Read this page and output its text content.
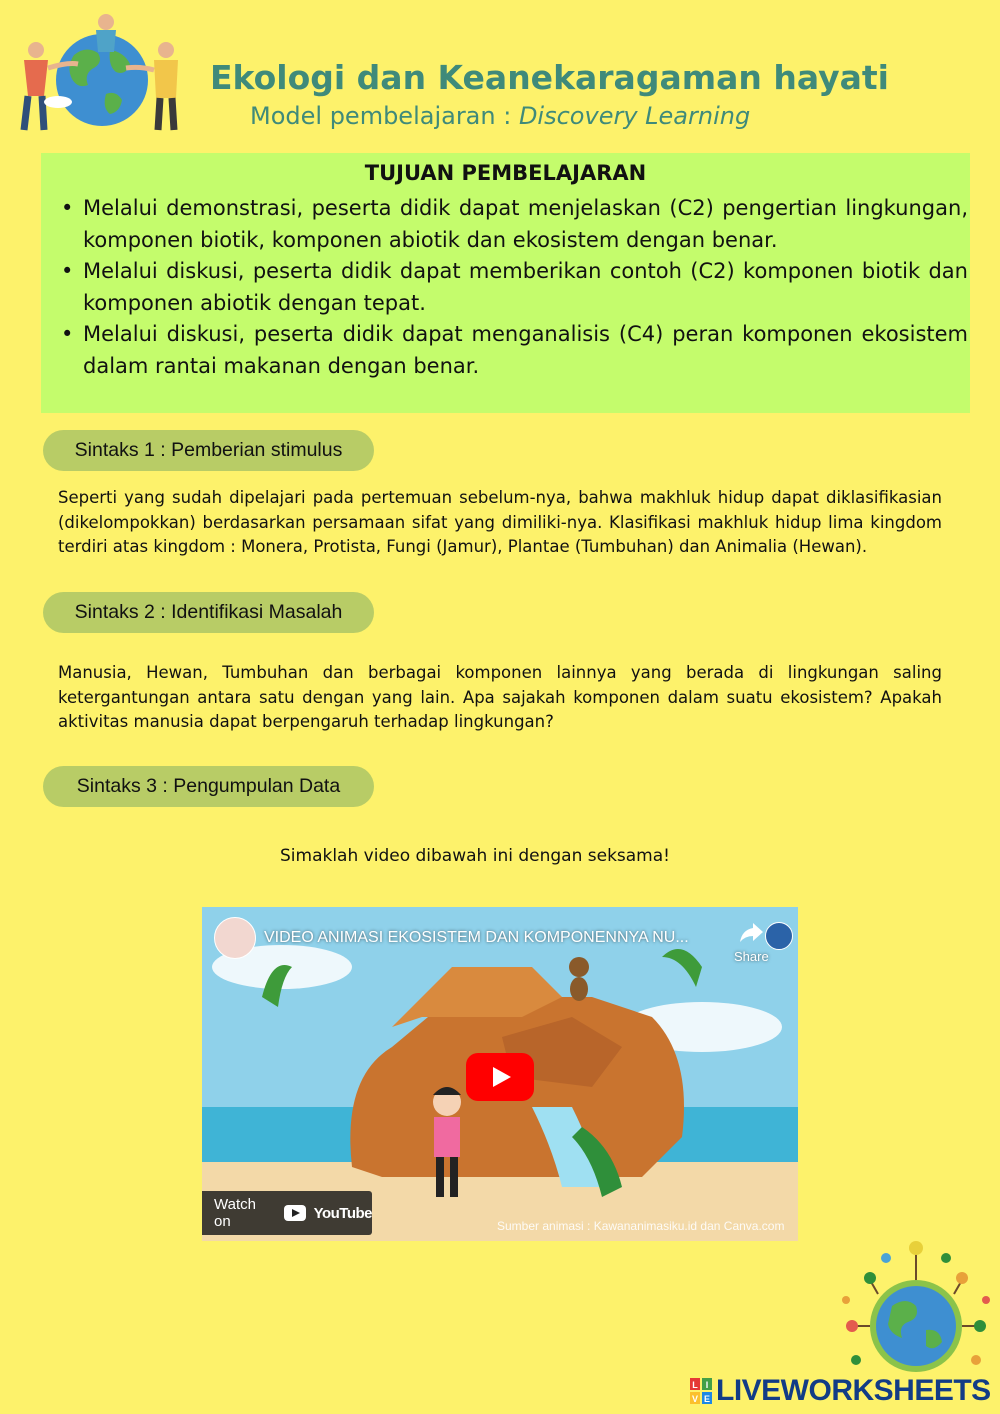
Ekologi dan Keanekaragaman hayati
Model pembelajaran : Discovery Learning
TUJUAN PEMBELAJARAN
• Melalui demonstrasi, peserta didik dapat menjelaskan (C2) pengertian lingkungan, komponen biotik, komponen abiotik dan ekosistem dengan benar.
• Melalui diskusi, peserta didik dapat memberikan contoh (C2) komponen biotik dan komponen abiotik dengan tepat.
• Melalui diskusi, peserta didik dapat menganalisis (C4) peran komponen ekosistem dalam rantai makanan dengan benar.
Sintaks 1 : Pemberian stimulus
Seperti yang sudah dipelajari pada pertemuan sebelum-nya, bahwa makhluk hidup dapat diklasifikasian (dikelompokkan) berdasarkan persamaan sifat yang dimiliki-nya. Klasifikasi makhluk hidup lima kingdom terdiri atas kingdom : Monera, Protista, Fungi (Jamur), Plantae (Tumbuhan) dan Animalia (Hewan).
Sintaks 2 : Identifikasi Masalah
Manusia, Hewan, Tumbuhan dan berbagai komponen lainnya yang berada di lingkungan saling ketergantungan antara satu dengan yang lain. Apa sajakah komponen dalam suatu ekosistem? Apakah aktivitas manusia dapat berpengaruh terhadap lingkungan?
Sintaks 3 : Pengumpulan Data
Simaklah video dibawah ini dengan seksama!
VIDEO ANIMASI EKOSISTEM DAN KOMPONENNYA NU...
Share
Watch on	YouTube
Sumber animasi : Kawananimasiku.id dan Canva.com
L I
V E LIVEWORKSHEETS
